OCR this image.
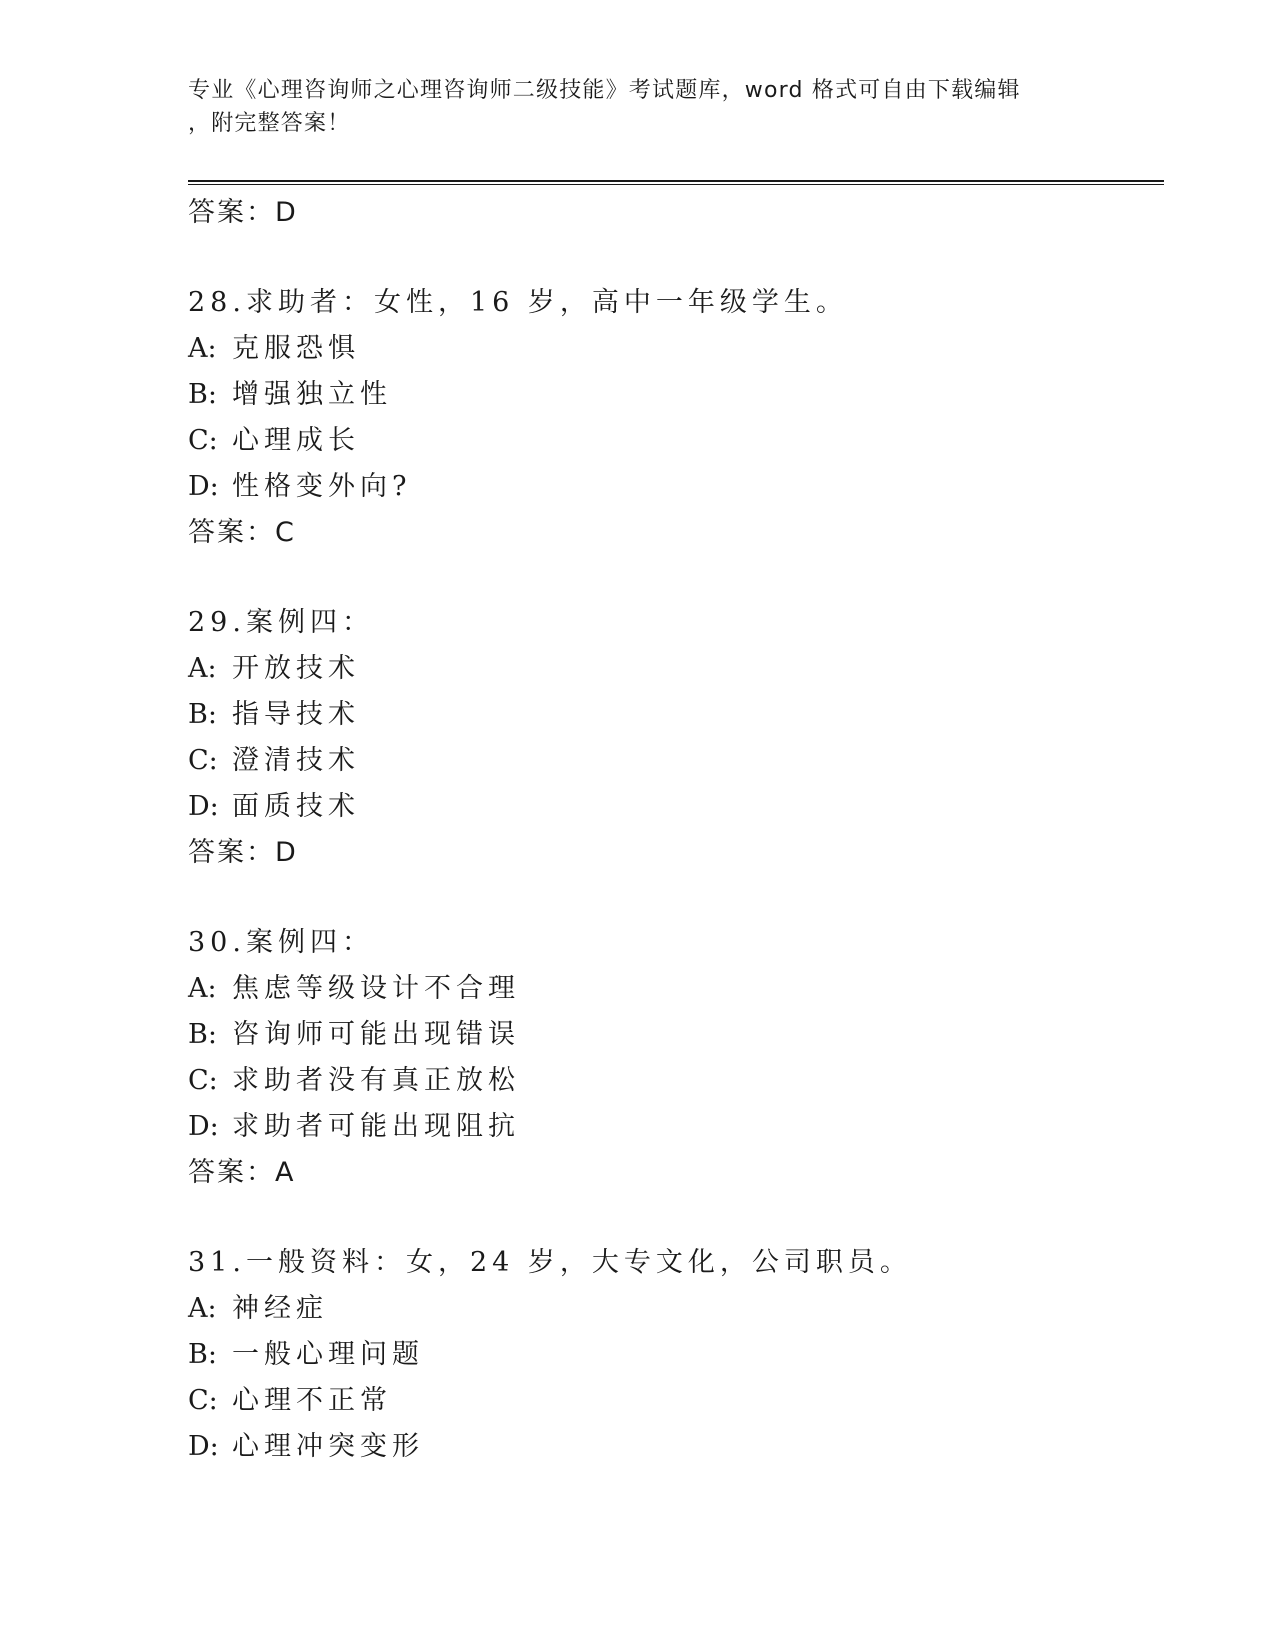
专业《心理咨询师之心理咨询师二级技能》考试题库，word 格式可自由下载编辑
，附完整答案！
答案：D
28.求助者：女性，16 岁，高中一年级学生。
A: 克服恐惧
B: 增强独立性
C: 心理成长
D: 性格变外向?
答案：C
29.案例四：
A: 开放技术
B: 指导技术
C: 澄清技术
D: 面质技术
答案：D
30.案例四：
A: 焦虑等级设计不合理
B: 咨询师可能出现错误
C: 求助者没有真正放松
D: 求助者可能出现阻抗
答案：A
31.一般资料：女，24 岁，大专文化，公司职员。
A: 神经症
B: 一般心理问题
C: 心理不正常
D: 心理冲突变形
